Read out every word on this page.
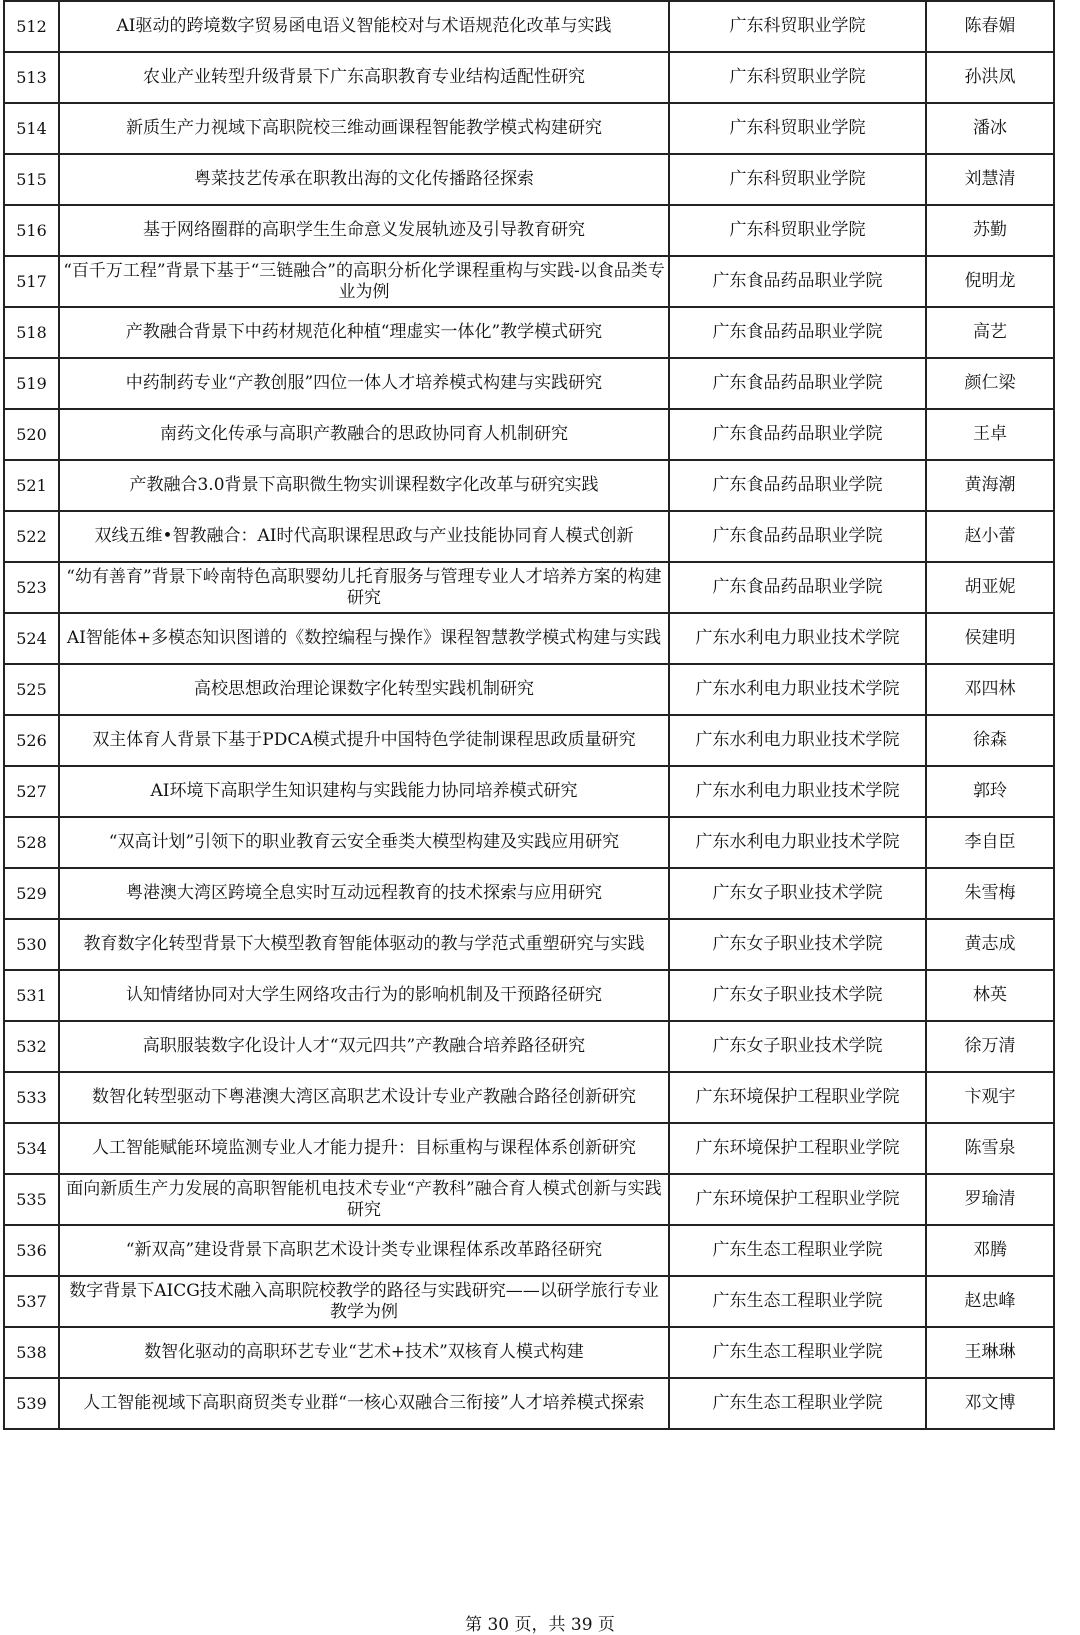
512	AI驱动的跨境数字贸易函电语义智能校对与术语规范化改革与实践	广东科贸职业学院	陈春媚
513	农业产业转型升级背景下广东高职教育专业结构适配性研究	广东科贸职业学院	孙洪凤
514	新质生产力视域下高职院校三维动画课程智能教学模式构建研究	广东科贸职业学院	潘冰
515	粤菜技艺传承在职教出海的文化传播路径探索	广东科贸职业学院	刘慧清
516	基于网络圈群的高职学生生命意义发展轨迹及引导教育研究	广东科贸职业学院	苏勤
517	“百千万工程”背景下基于“三链融合”的高职分析化学课程重构与实践-以食品类专业为例	广东食品药品职业学院	倪明龙
518	产教融合背景下中药材规范化种植“理虚实一体化”教学模式研究	广东食品药品职业学院	高艺
519	中药制药专业“产教创服”四位一体人才培养模式构建与实践研究	广东食品药品职业学院	颜仁梁
520	南药文化传承与高职产教融合的思政协同育人机制研究	广东食品药品职业学院	王卓
521	产教融合3.0背景下高职微生物实训课程数字化改革与研究实践	广东食品药品职业学院	黄海潮
522	双线五维•智教融合：AI时代高职课程思政与产业技能协同育人模式创新	广东食品药品职业学院	赵小蕾
523	“幼有善育”背景下岭南特色高职婴幼儿托育服务与管理专业人才培养方案的构建研究	广东食品药品职业学院	胡亚妮
524	AI智能体+多模态知识图谱的《数控编程与操作》课程智慧教学模式构建与实践	广东水利电力职业技术学院	侯建明
525	高校思想政治理论课数字化转型实践机制研究	广东水利电力职业技术学院	邓四林
526	双主体育人背景下基于PDCA模式提升中国特色学徒制课程思政质量研究	广东水利电力职业技术学院	徐森
527	AI环境下高职学生知识建构与实践能力协同培养模式研究	广东水利电力职业技术学院	郭玲
528	“双高计划”引领下的职业教育云安全垂类大模型构建及实践应用研究	广东水利电力职业技术学院	李自臣
529	粤港澳大湾区跨境全息实时互动远程教育的技术探索与应用研究	广东女子职业技术学院	朱雪梅
530	教育数字化转型背景下大模型教育智能体驱动的教与学范式重塑研究与实践	广东女子职业技术学院	黄志成
531	认知情绪协同对大学生网络攻击行为的影响机制及干预路径研究	广东女子职业技术学院	林英
532	高职服装数字化设计人才“双元四共”产教融合培养路径研究	广东女子职业技术学院	徐万清
533	数智化转型驱动下粤港澳大湾区高职艺术设计专业产教融合路径创新研究	广东环境保护工程职业学院	卞观宇
534	人工智能赋能环境监测专业人才能力提升：目标重构与课程体系创新研究	广东环境保护工程职业学院	陈雪泉
535	面向新质生产力发展的高职智能机电技术专业“产教科”融合育人模式创新与实践研究	广东环境保护工程职业学院	罗瑜清
536	“新双高”建设背景下高职艺术设计类专业课程体系改革路径研究	广东生态工程职业学院	邓腾
537	数字背景下AICG技术融入高职院校教学的路径与实践研究——以研学旅行专业教学为例	广东生态工程职业学院	赵忠峰
538	数智化驱动的高职环艺专业“艺术+技术”双核育人模式构建	广东生态工程职业学院	王琳琳
539	人工智能视域下高职商贸类专业群“一核心双融合三衔接”人才培养模式探索	广东生态工程职业学院	邓文博
第 30 页，共 39 页
